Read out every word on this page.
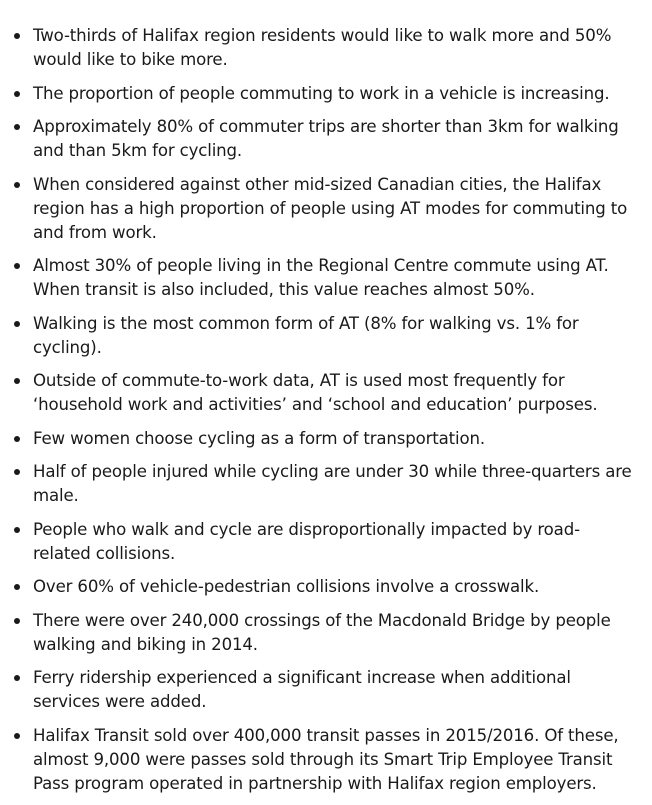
Two-thirds of Halifax region residents would like to walk more and 50% would like to bike more.
The proportion of people commuting to work in a vehicle is increasing.
Approximately 80% of commuter trips are shorter than 3km for walking and than 5km for cycling.
When considered against other mid-sized Canadian cities, the Halifax region has a high proportion of people using AT modes for commuting to and from work.
Almost 30% of people living in the Regional Centre commute using AT. When transit is also included, this value reaches almost 50%.
Walking is the most common form of AT (8% for walking vs. 1% for cycling).
Outside of commute-to-work data, AT is used most frequently for ‘household work and activities’ and ‘school and education’ purposes.
Few women choose cycling as a form of transportation.
Half of people injured while cycling are under 30 while three-quarters are male.
People who walk and cycle are disproportionally impacted by road-related collisions.
Over 60% of vehicle-pedestrian collisions involve a crosswalk.
There were over 240,000 crossings of the Macdonald Bridge by people walking and biking in 2014.
Ferry ridership experienced a significant increase when additional services were added.
Halifax Transit sold over 400,000 transit passes in 2015/2016. Of these, almost 9,000 were passes sold through its Smart Trip Employee Transit Pass program operated in partnership with Halifax region employers.
